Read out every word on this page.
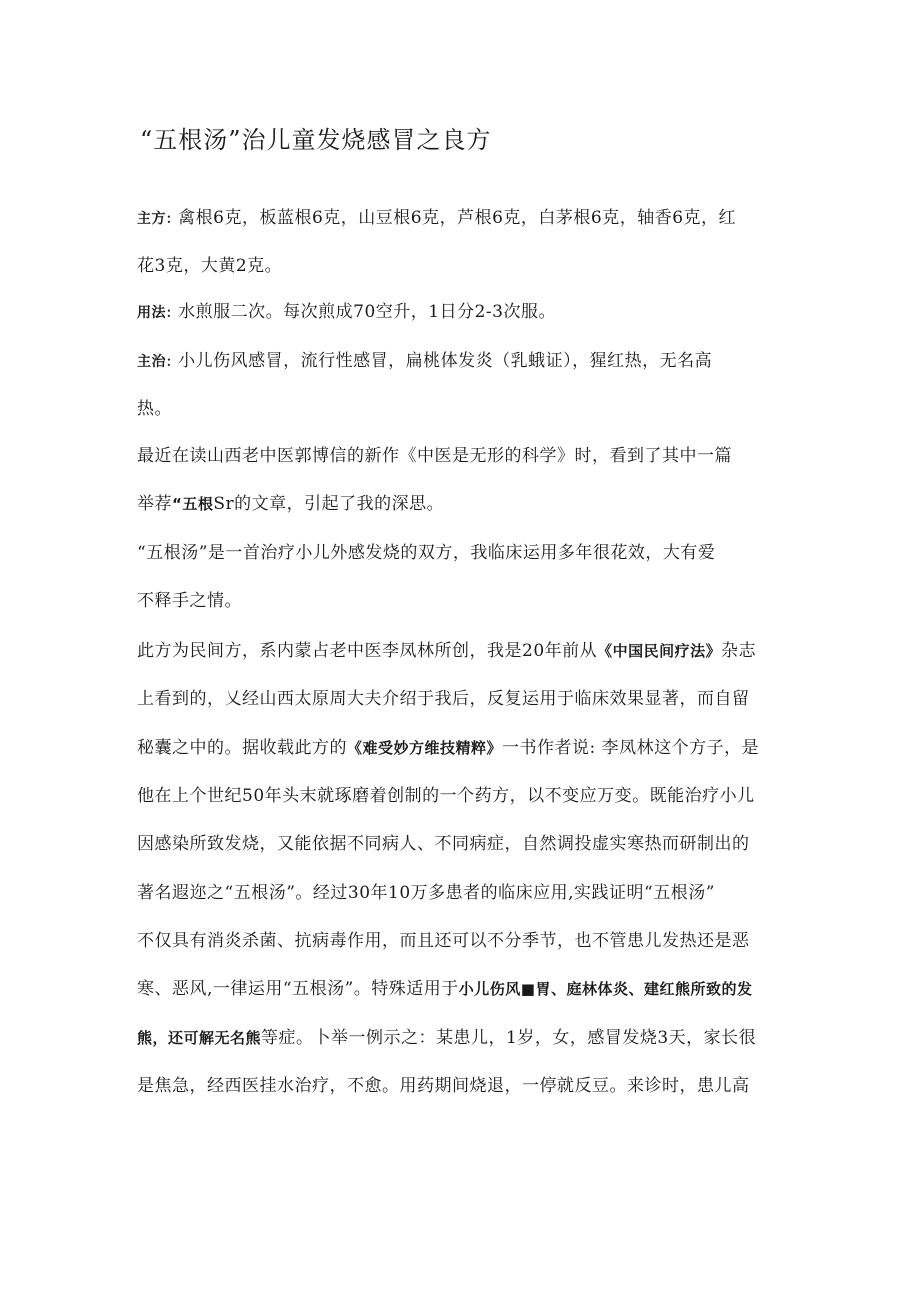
“五根汤”治儿童发烧感冒之良方
主方: 禽根6克，板蓝根6克，山豆根6克，芦根6克，白茅根6克，轴香6克，红
花3克，大黄2克。
用法: 水煎服二次。每次煎成70空升，1日分2-3次服。
主治: 小儿伤风感冒，流行性感冒，扁桃体发炎（乳蛾证），猩红热，无名高
热。
最近在读山西老中医郭博信的新作《中医是无形的科学》时，看到了其中一篇
举荐“五根Sr的文章，引起了我的深思。
“五根汤”是一首治疗小儿外感发烧的双方，我临床运用多年很花效，大有爱
不释手之情。
此方为民间方，系内蒙占老中医李凤林所创，我是20年前从《中国民间疗法》杂志
上看到的，乂经山西太原周大夫介绍于我后，反复运用于临床效果显著，而自留
秘囊之中的。据收载此方的《难受妙方维技精粹》一书作者说: 李凤林这个方子，是
他在上个世纪50年头末就琢磨着创制的一个药方，以不变应万变。既能治疗小儿
因感染所致发烧，又能依据不同病人、不同病症，自然调投虚实寒热而研制出的
著名遐迩之“五根汤”。经过30年10万多患者的临床应用,实践证明“五根汤”
不仅具有消炎杀菌、抗病毒作用，而且还可以不分季节，也不管患儿发热还是恶
寒、恶风,一律运用“五根汤”。特殊适用于小儿伤风■胃、庭林体炎、建红熊所致的发
熊，还可解无名熊等症。卜举一例示之：某患儿，1岁，女，感冒发烧3天，家长很
是焦急，经西医挂水治疗，不愈。用药期间烧退，一停就反豆。来诊时，患儿高
